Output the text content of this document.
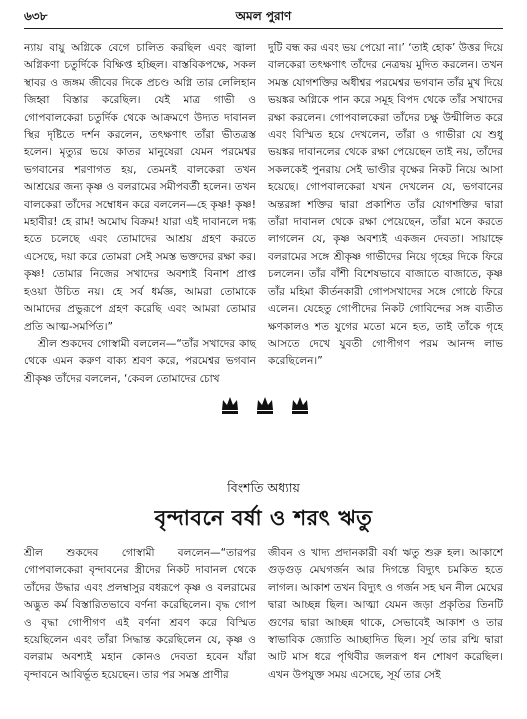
৬৩৮	অমল পুরাণ

ন্যায় বায়ু অগ্নিকে বেগে চালিত করছিল এবং জ্বালা অগ্নিকণা চতুর্দিকে বিক্ষিপ্ত হচ্ছিল। বাস্তবিকপক্ষে, সকল স্থাবর ও জঙ্গম জীবের দিকে প্রচণ্ড অগ্নি তার লেলিহান জিহ্বা বিস্তার করেছিল। যেই মাত্র গাভী ও গোপবালকেরা চতুর্দিক থেকে আক্রমণে উদ্যত দাবানল স্থির দৃষ্টিতে দর্শন করলেন, তৎক্ষণাৎ তাঁরা ভীতত্রস্ত হলেন। মৃত্যুর ভয়ে কাতর মানুষেরা যেমন পরমেশ্বর ভগবানের শরণাগত হয়, তেমনই বালকেরা তখন আশ্রয়ের জন্য কৃষ্ণ ও বলরামের সমীপবর্তী হলেন। তখন বালকেরা তাঁদের সম্বোধন করে বললেন—হে কৃষ্ণ! কৃষ্ণ! মহাবীর! হে রাম! অমোঘ বিক্রম! যারা এই দাবানলে দগ্ধ হতে চলেছে এবং তোমাদের আশ্রয় গ্রহণ করতে এসেছে, দয়া করে তোমরা সেই সমস্ত ভক্তদের রক্ষা কর। কৃষ্ণ! তোমার নিজের সখাদের অবশ্যই বিনাশ প্রাপ্ত হওয়া উচিত নয়। হে সর্ব ধর্মজ্ঞ, আমরা তোমাকে আমাদের প্রভুরূপে গ্রহণ করেছি এবং আমরা তোমার প্রতি আত্ম-সমর্পিত।”

শ্রীল শুকদেব গোস্বামী বললেন—“তাঁর সখাদের কাছ থেকে এমন করুণ বাক্য শ্রবণ করে, পরমেশ্বর ভগবান শ্রীকৃষ্ণ তাঁদের বললেন, ‘কেবল তোমাদের চোখ

দুটি বন্ধ কর এবং ভয় পেয়ো না।’ ‘তাই হোক’ উত্তর দিয়ে বালকেরা তৎক্ষণাৎ তাঁদের নেত্রদ্বয় মুদিত করলেন। তখন সমস্ত যোগশক্তির অধীশ্বর পরমেশ্বর ভগবান তাঁর মুখ দিয়ে ভয়ঙ্কর অগ্নিকে পান করে সমূহ বিপদ থেকে তাঁর সখাদের রক্ষা করলেন। গোপবালকেরা তাঁদের চক্ষু উন্মীলিত করে এবং বিস্মিত হয়ে দেখলেন, তাঁরা ও গাভীরা যে শুধু ভয়ঙ্কর দাবানলের থেকে রক্ষা পেয়েছেন তাই নয়, তাঁদের সকলকেই পুনরায় সেই ভাণ্ডীর বৃক্ষের নিকট নিয়ে আসা হয়েছে। গোপবালকেরা যখন দেখলেন যে, ভগবানের অন্তরঙ্গা শক্তির দ্বারা প্রকাশিত তাঁর যোগশক্তির দ্বারা তাঁরা দাবানল থেকে রক্ষা পেয়েছেন, তাঁরা মনে করতে লাগলেন যে, কৃষ্ণ অবশ্যই একজন দেবতা। সায়াহ্নে বলরামের সঙ্গে শ্রীকৃষ্ণ গাভীদের নিয়ে গৃহের দিকে ফিরে চললেন। তাঁর বাঁশী বিশেষভাবে বাজাতে বাজাতে, কৃষ্ণ তাঁর মহিমা কীর্তনকারী গোপসখাদের সঙ্গে গোষ্ঠে ফিরে এলেন। যেহেতু গোপীদের নিকট গোবিন্দের সঙ্গ ব্যতীত ক্ষণকালও শত যুগের মতো মনে হত, তাই তাঁকে গৃহে আসতে দেখে যুবতী গোপীগণ পরম আনন্দ লাভ করেছিলেন।”

বিংশতি অধ্যায়
বৃন্দাবনে বর্ষা ও শরৎ ঋতু

শ্রীল শুকদেব গোস্বামী বললেন—“তারপর গোপবালকেরা বৃন্দাবনের স্ত্রীদের নিকট দাবানল থেকে তাঁদের উদ্ধার এবং প্রলম্বাসুর বধরূপে কৃষ্ণ ও বলরামের অদ্ভুত কর্ম বিস্তারিতভাবে বর্ণনা করেছিলেন। বৃদ্ধ গোপ ও বৃদ্ধা গোপীগণ এই বর্ণনা শ্রবণ করে বিস্মিত হয়েছিলেন এবং তাঁরা সিদ্ধান্ত করেছিলেন যে, কৃষ্ণ ও বলরাম অবশ্যই মহান কোনও দেবতা হবেন যাঁরা বৃন্দাবনে আবির্ভূত হয়েছেন। তার পর সমস্ত প্রাণীর

জীবন ও খাদ্য প্রদানকারী বর্ষা ঋতু শুরু হল। আকাশে গুড়গুড় মেঘগর্জন আর দিগন্তে বিদ্যুৎ চমকিত হতে লাগল। আকাশ তখন বিদ্যুৎ ও গর্জন সহ ঘন নীল মেঘের দ্বারা আচ্ছন্ন ছিল। আত্মা যেমন জড়া প্রকৃতির তিনটি গুণের দ্বারা আচ্ছন্ন থাকে, সেভাবেই আকাশ ও তার স্বাভাবিক জ্যোতি আচ্ছাদিত ছিল। সূর্য তার রশ্মি দ্বারা আট মাস ধরে পৃথিবীর জলরূপ ধন শোষণ করেছিল। এখন উপযুক্ত সময় এসেছে, সূর্য তার সেই
